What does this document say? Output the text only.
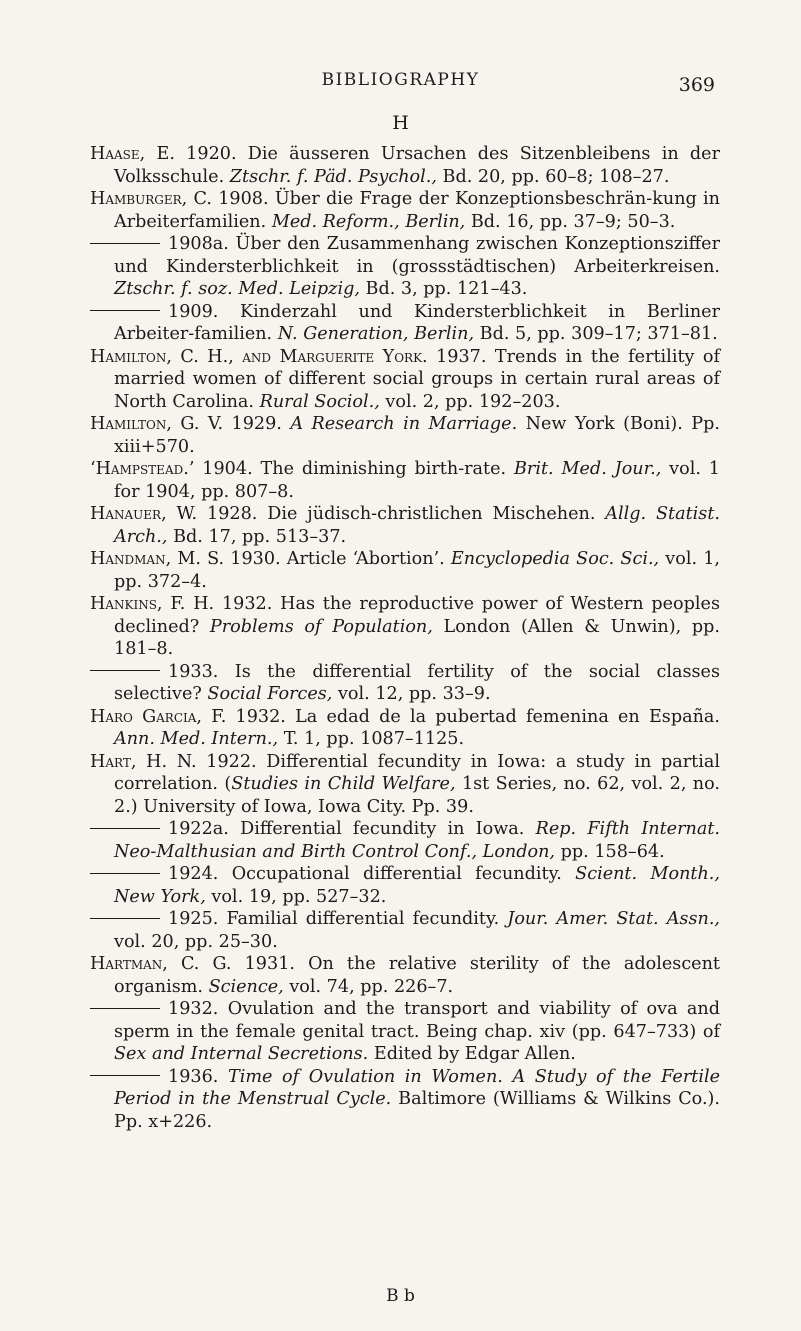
BIBLIOGRAPHY	369
H

Haase, E. 1920. Die äusseren Ursachen des Sitzenbleibens in der Volksschule. Ztschr. f. Päd. Psychol., Bd. 20, pp. 60–8; 108–27.

Hamburger, C. 1908. Über die Frage der Konzeptionsbeschrän-kung in Arbeiterfamilien. Med. Reform., Berlin, Bd. 16, pp. 37–9; 50–3.

1908a. Über den Zusammenhang zwischen Konzeptionsziffer und Kindersterblichkeit in (grossstädtischen) Arbeiterkreisen. Ztschr. f. soz. Med. Leipzig, Bd. 3, pp. 121–43.

1909. Kinderzahl und Kindersterblichkeit in Berliner Arbeiter-familien. N. Generation, Berlin, Bd. 5, pp. 309–17; 371–81.

Hamilton, C. H., and Marguerite York. 1937. Trends in the fertility of married women of different social groups in certain rural areas of North Carolina. Rural Sociol., vol. 2, pp. 192–203.

Hamilton, G. V. 1929. A Research in Marriage. New York (Boni). Pp. xiii+570.

‘Hampstead.’ 1904. The diminishing birth-rate. Brit. Med. Jour., vol. 1 for 1904, pp. 807–8.

Hanauer, W. 1928. Die jüdisch-christlichen Mischehen. Allg. Statist. Arch., Bd. 17, pp. 513–37.

Handman, M. S. 1930. Article ‘Abortion’. Encyclopedia Soc. Sci., vol. 1, pp. 372–4.

Hankins, F. H. 1932. Has the reproductive power of Western peoples declined? Problems of Population, London (Allen & Unwin), pp. 181–8.

1933. Is the differential fertility of the social classes selective? Social Forces, vol. 12, pp. 33–9.

Haro Garcia, F. 1932. La edad de la pubertad femenina en España. Ann. Med. Intern., T. 1, pp. 1087–1125.

Hart, H. N. 1922. Differential fecundity in Iowa: a study in partial correlation. (Studies in Child Welfare, 1st Series, no. 62, vol. 2, no. 2.) University of Iowa, Iowa City. Pp. 39.

1922a. Differential fecundity in Iowa. Rep. Fifth Internat. Neo-Malthusian and Birth Control Conf., London, pp. 158–64.

1924. Occupational differential fecundity. Scient. Month., New York, vol. 19, pp. 527–32.

1925. Familial differential fecundity. Jour. Amer. Stat. Assn., vol. 20, pp. 25–30.

Hartman, C. G. 1931. On the relative sterility of the adolescent organism. Science, vol. 74, pp. 226–7.

1932. Ovulation and the transport and viability of ova and sperm in the female genital tract. Being chap. xiv (pp. 647–733) of Sex and Internal Secretions. Edited by Edgar Allen.

1936. Time of Ovulation in Women. A Study of the Fertile Period in the Menstrual Cycle. Baltimore (Williams & Wilkins Co.). Pp. x+226.

B b
